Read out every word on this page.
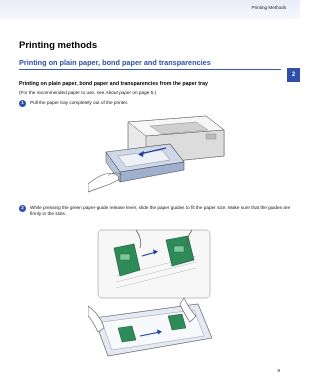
Printing Methods
2
Printing methods
Printing on plain paper, bond paper and transparencies
Printing on plain paper, bond paper and transparencies from the paper tray
(For the recommended paper to use, see About paper on page 5.)
1	Pull the paper tray completely out of the printer.
2	While pressing the green paper-guide release lever, slide the paper guides to fit the paper size. Make sure that the guides are firmly in the slots.
9
